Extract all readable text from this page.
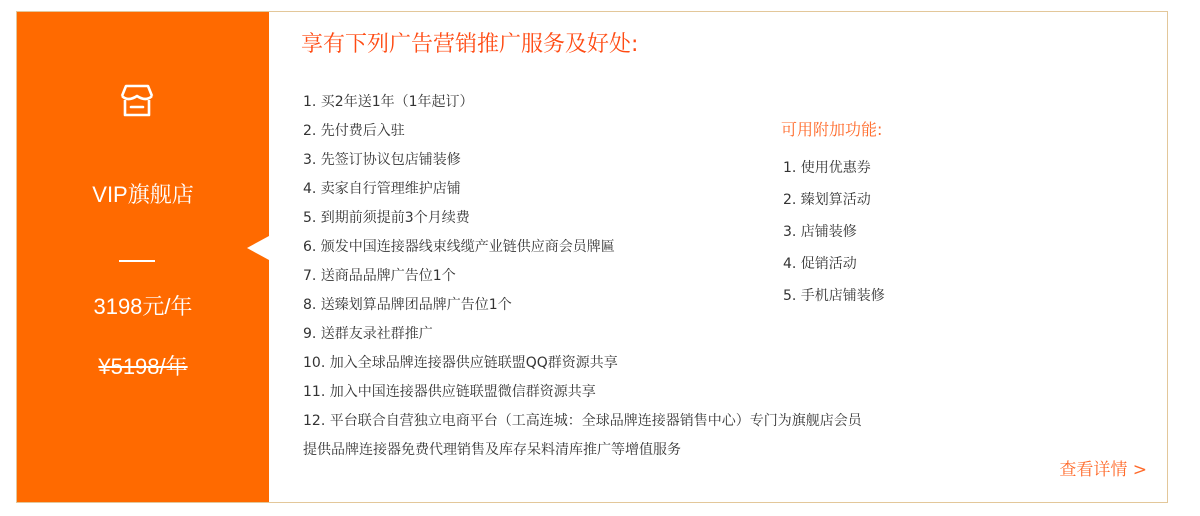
VIP旗舰店
3198元/年
¥5198/年
享有下列广告营销推广服务及好处:
1. 买2年送1年（1年起订）
2. 先付费后入驻
3. 先签订协议包店铺装修
4. 卖家自行管理维护店铺
5. 到期前须提前3个月续费
6. 颁发中国连接器线束线缆产业链供应商会员牌匾
7. 送商品品牌广告位1个
8. 送臻划算品牌团品牌广告位1个
9. 送群友录社群推广
10. 加入全球品牌连接器供应链联盟QQ群资源共享
11. 加入中国连接器供应链联盟微信群资源共享
12. 平台联合自营独立电商平台（工高连城：全球品牌连接器销售中心）专门为旗舰店会员
提供品牌连接器免费代理销售及库存呆料清库推广等增值服务
可用附加功能:
1. 使用优惠券
2. 臻划算活动
3. 店铺装修
4. 促销活动
5. 手机店铺装修
查看详情 >
